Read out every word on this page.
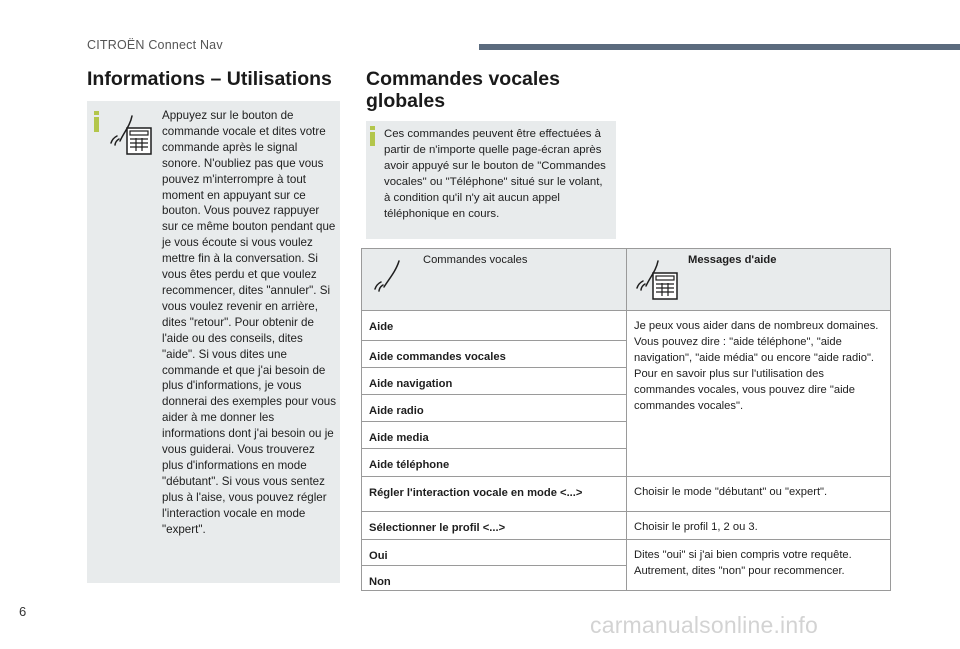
CITROËN Connect Nav
Informations – Utilisations Commandes vocales globales
Appuyez sur le bouton de commande vocale et dites votre commande après le signal sonore. N'oubliez pas que vous pouvez m'interrompre à tout moment en appuyant sur ce bouton. Vous pouvez rappuyer sur ce même bouton pendant que je vous écoute si vous voulez mettre fin à la conversation. Si vous êtes perdu et que voulez recommencer, dites "annuler". Si vous voulez revenir en arrière, dites "retour". Pour obtenir de l'aide ou des conseils, dites "aide". Si vous dites une commande et que j'ai besoin de plus d'informations, je vous donnerai des exemples pour vous aider à me donner les informations dont j'ai besoin ou je vous guiderai. Vous trouverez plus d'informations en mode "débutant". Si vous vous sentez plus à l'aise, vous pouvez régler l'interaction vocale en mode "expert".
Ces commandes peuvent être effectuées à partir de n'importe quelle page-écran après avoir appuyé sur le bouton de "Commandes vocales" ou "Téléphone" situé sur le volant, à condition qu'il n'y ait aucun appel téléphonique en cours.
Commandes vocales	Messages d'aide
Aide
Aide commandes vocales
Aide navigation
Aide radio
Aide media
Aide téléphone
Régler l'interaction vocale en mode <...>
Sélectionner le profil <...>
Oui
Non
Je peux vous aider dans de nombreux domaines. Vous pouvez dire : "aide téléphone", "aide navigation", "aide média" ou encore "aide radio". Pour en savoir plus sur l'utilisation des commandes vocales, vous pouvez dire "aide commandes vocales".
Choisir le mode "débutant" ou "expert".
Choisir le profil 1, 2 ou 3.
Dites "oui" si j'ai bien compris votre requête. Autrement, dites "non" pour recommencer.
6
carmanualsonline.info
